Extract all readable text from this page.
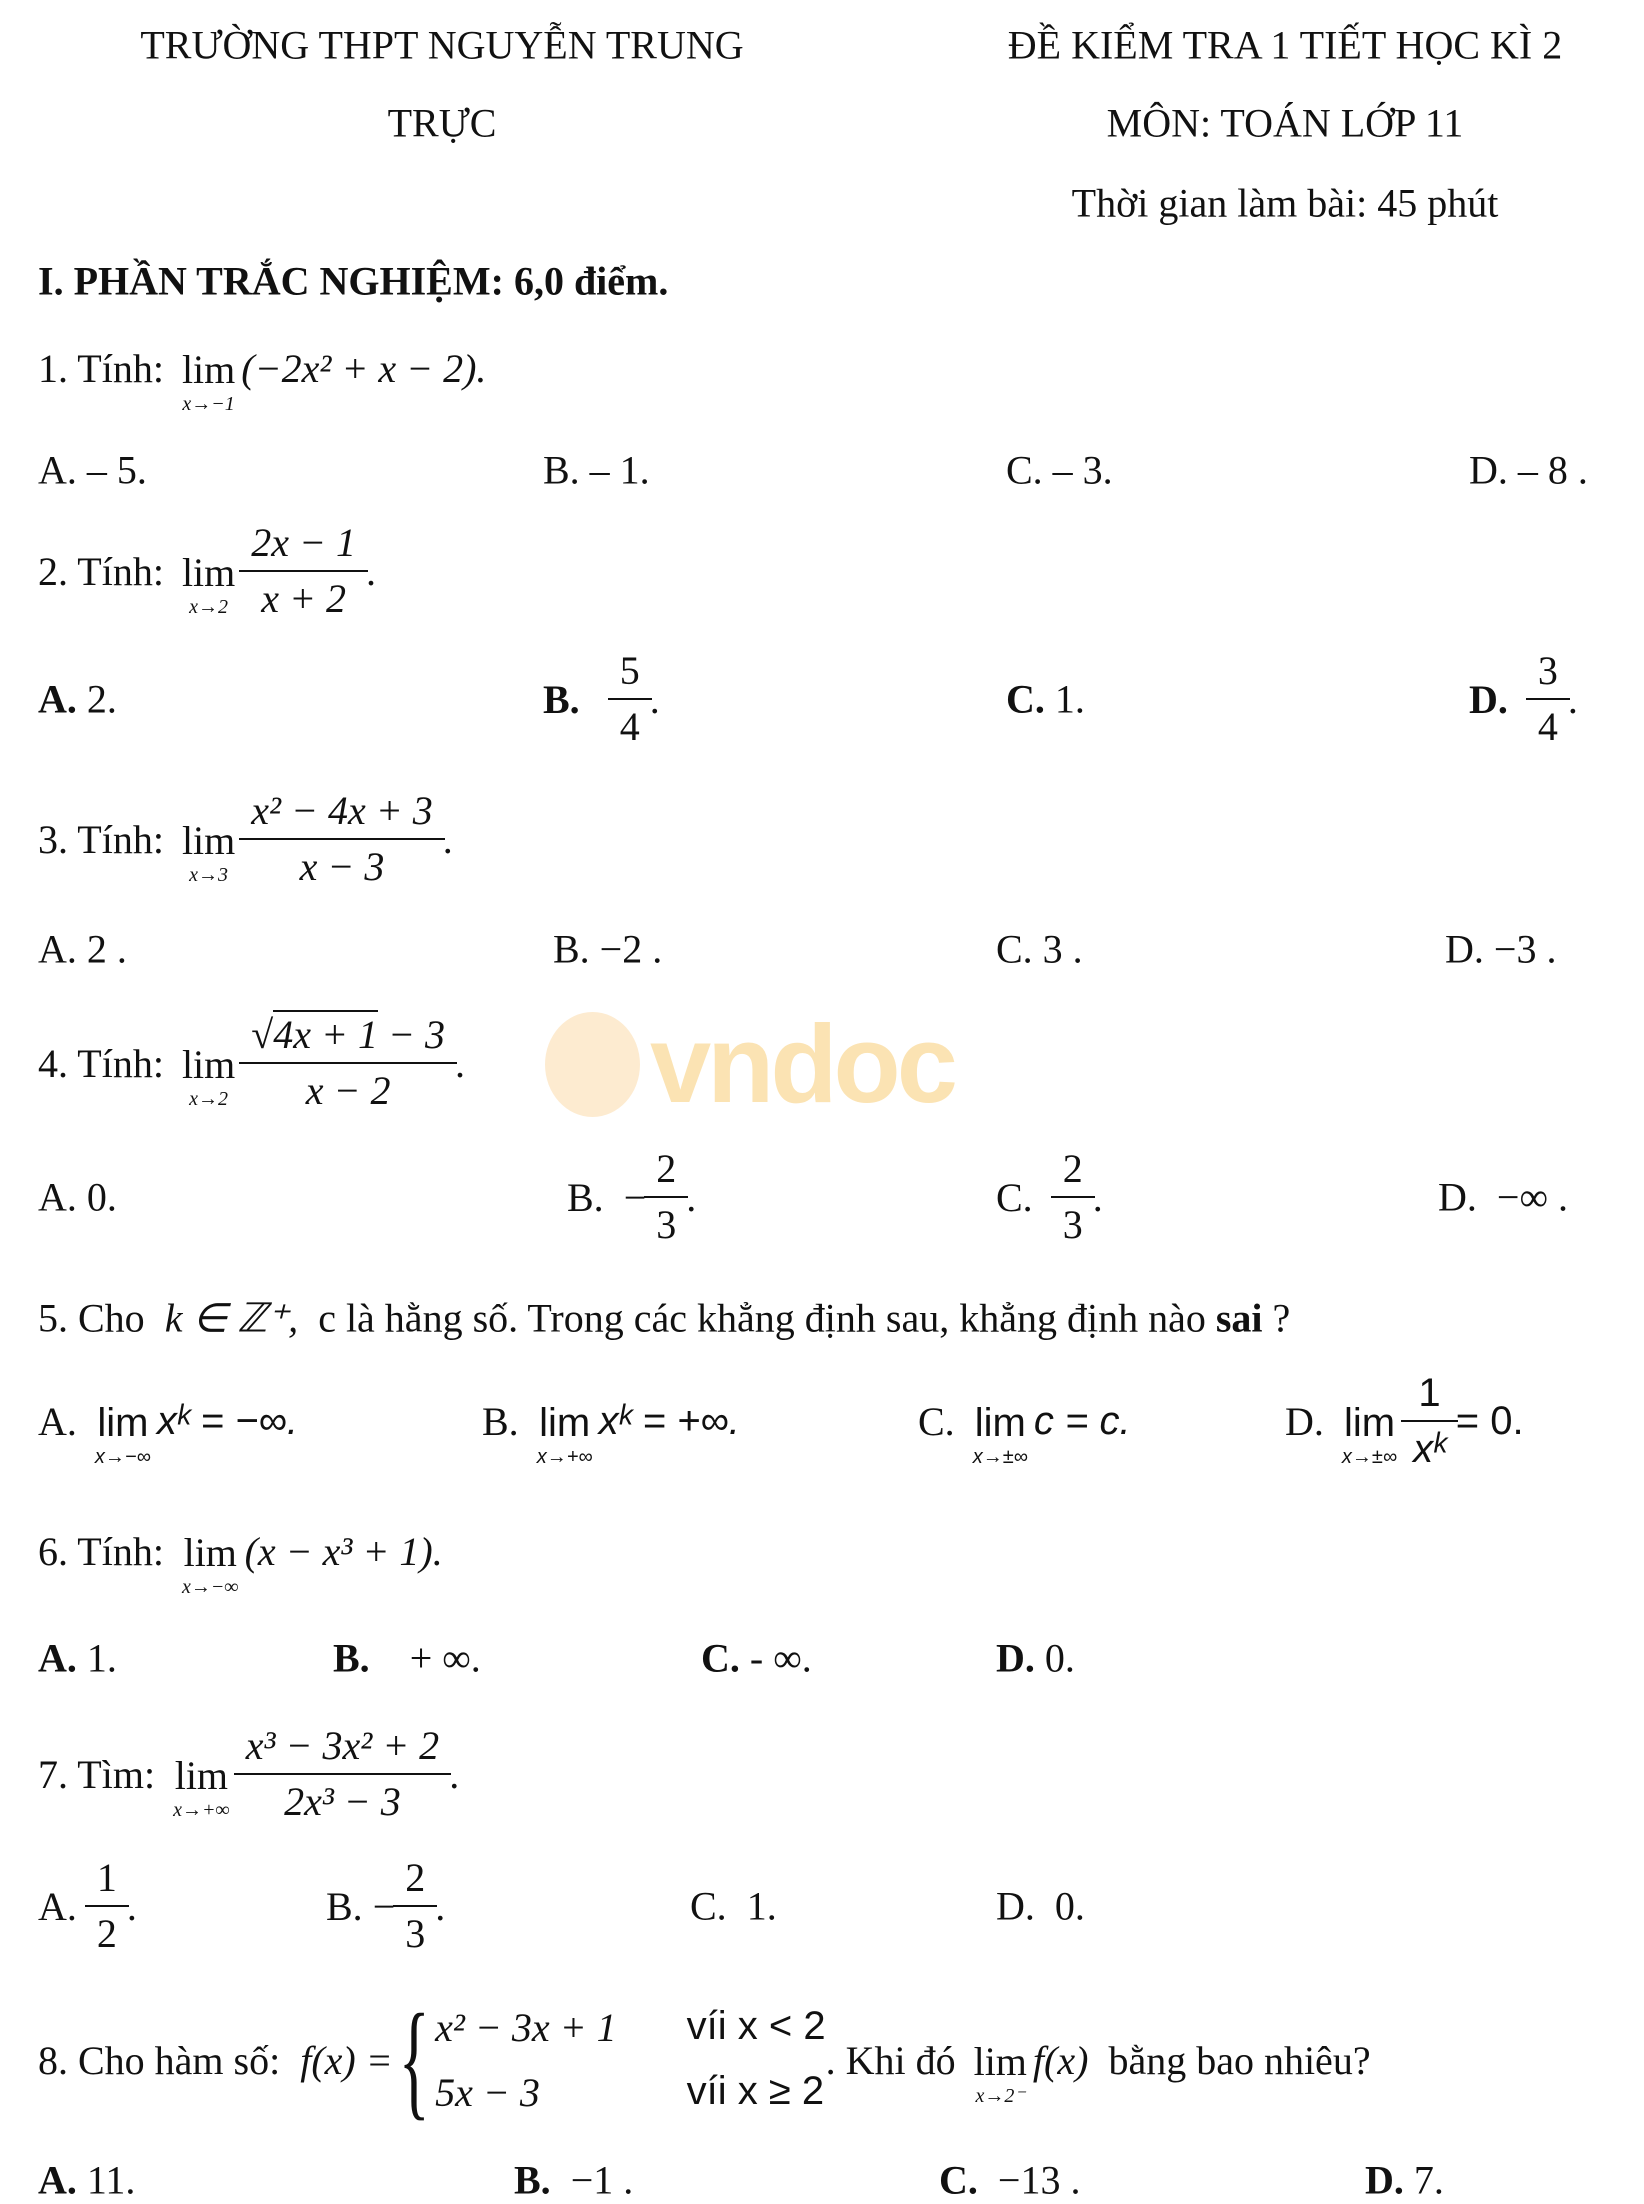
vndoc
TRƯỜNG THPT NGUYỄN TRUNG
TRỰC
ĐỀ KIỂM TRA 1 TIẾT HỌC KÌ 2
MÔN: TOÁN LỚP 11
Thời gian làm bài: 45 phút
I. PHẦN TRẮC NGHIỆM: 6,0 điểm.
1. Tính: lim
x→−1
(−2x² + x − 2).
A. – 5.	B. – 1.	C. – 3.	D. – 8 .
2. Tính: lim
$x\to 2 \frac{2x - 1}{x + 2}$ .
A.
2.	B.
$\frac{5}{4}$ .	C.
1.	D.
$\frac{3}{4}$ .
3. Tính: lim
$x\to 3 \frac{\text{x² − 4x + 3}}{x - 3}$ .
A. 2 .	B. −2 .	C. 3 .	D. −3 .
4. Tính: lim
$x\to 2 \frac{√4x + 1 - 3}{x - 2}$ .
A. 0.	B.
− $\frac{2}{3}$ .	C.
$\frac{2}{3}$ .	D.
−∞ .
5. Cho
k ∈ ℤ⁺,
c là hằng số. Trong các khẳng định sau, khẳng định nào
sai
?
A. lim
x→−∞
xᵏ = −∞.	B. lim
x→+∞
xᵏ = +∞.	C. lim
x→±∞
c = c.	D. lim
$x\to\pm\infty \frac{1}{\text{xᵏ}} = 0$.
6. Tính: lim
x→−∞
(x − x³ + 1).
A.
1.	B.
+ ∞.	C.
- ∞.	D.
0.
7. Tìm: lim
$x\to+\infty \frac{\text{x³ − 3x² + 2}}{\text{2x³ − 3}}$ .
A.
$\frac{1}{2}$ .	B.
− $\frac{2}{3}$ .	C.
1.	D.
0.
8. Cho hàm số:
f(x) = { x² − 3x + 1 víi x < 2
5x − 3	víi x ≥ 2
. Khi đó lim
x→2⁻
f(x)
bằng bao nhiêu?
A.
11.	B.
−1 .	C.
−13 .	D.
7.
